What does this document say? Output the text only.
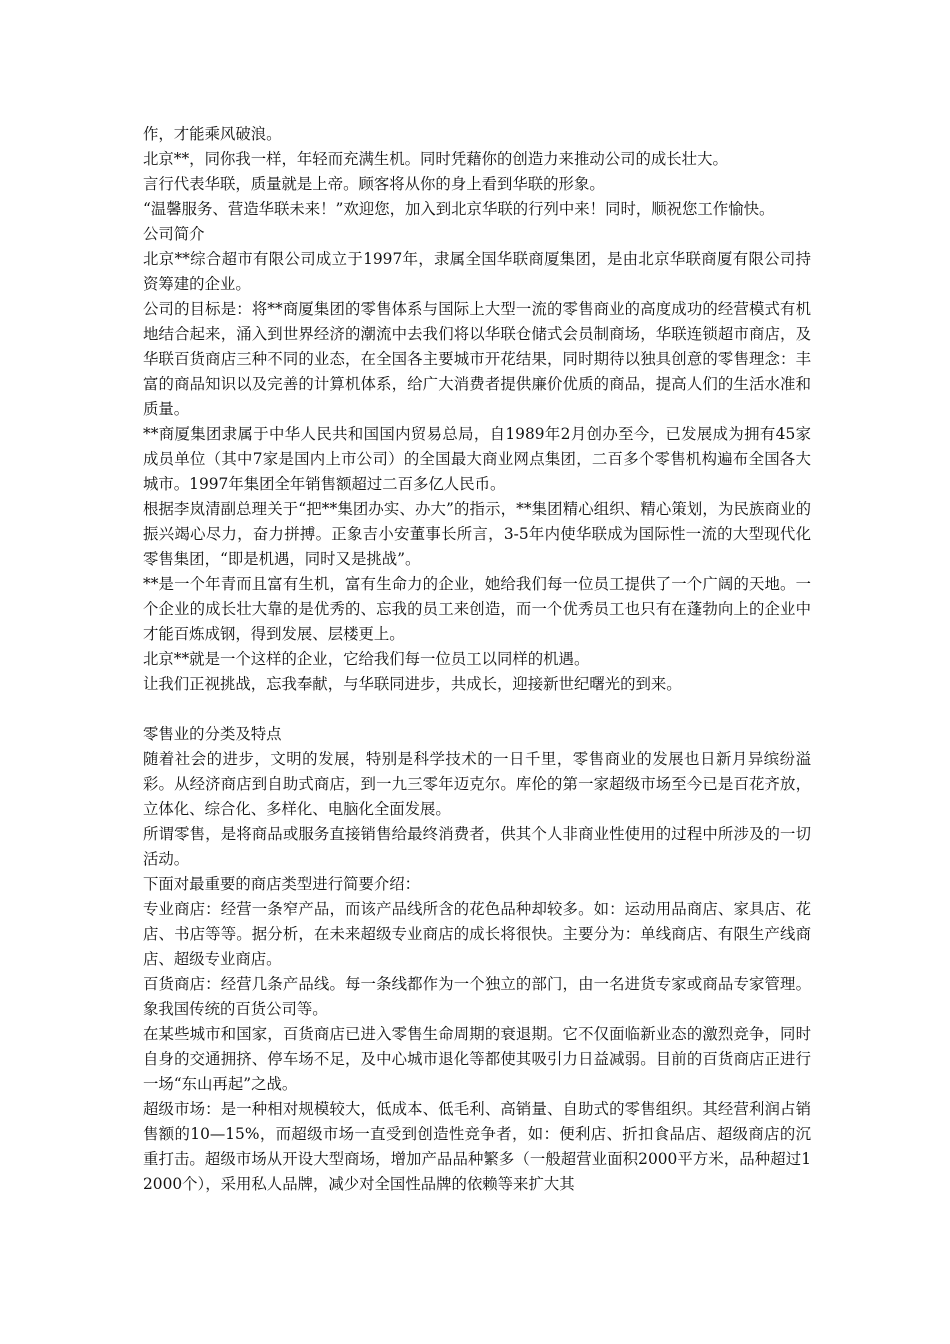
作，才能乘风破浪。

北京**，同你我一样，年轻而充满生机。同时凭藉你的创造力来推动公司的成长壮大。

言行代表华联，质量就是上帝。顾客将从你的身上看到华联的形象。

“温馨服务、营造华联未来！”欢迎您，加入到北京华联的行列中来！同时，顺祝您工作愉快。

公司简介

北京**综合超市有限公司成立于1997年，隶属全国华联商厦集团，是由北京华联商厦有限公司持资筹建的企业。

公司的目标是：将**商厦集团的零售体系与国际上大型一流的零售商业的高度成功的经营模式有机地结合起来，涌入到世界经济的潮流中去我们将以华联仓储式会员制商场，华联连锁超市商店，及华联百货商店三种不同的业态，在全国各主要城市开花结果，同时期待以独具创意的零售理念：丰富的商品知识以及完善的计算机体系，给广大消费者提供廉价优质的商品，提高人们的生活水准和质量。

**商厦集团隶属于中华人民共和国国内贸易总局，自1989年2月创办至今，已发展成为拥有45家成员单位（其中7家是国内上市公司）的全国最大商业网点集团，二百多个零售机构遍布全国各大城市。1997年集团全年销售额超过二百多亿人民币。

根据李岚清副总理关于“把**集团办实、办大”的指示，**集团精心组织、精心策划，为民族商业的振兴竭心尽力，奋力拼搏。正象吉小安董事长所言，3-5年内使华联成为国际性一流的大型现代化零售集团，“即是机遇，同时又是挑战”。

**是一个年青而且富有生机，富有生命力的企业，她给我们每一位员工提供了一个广阔的天地。一个企业的成长壮大靠的是优秀的、忘我的员工来创造，而一个优秀员工也只有在蓬勃向上的企业中才能百炼成钢，得到发展、层楼更上。

北京**就是一个这样的企业，它给我们每一位员工以同样的机遇。

让我们正视挑战，忘我奉献，与华联同进步，共成长，迎接新世纪曙光的到来。

零售业的分类及特点

随着社会的进步，文明的发展，特别是科学技术的一日千里，零售商业的发展也日新月异缤纷溢彩。从经济商店到自助式商店，到一九三零年迈克尔。库伦的第一家超级市场至今已是百花齐放，立体化、综合化、多样化、电脑化全面发展。

所谓零售，是将商品或服务直接销售给最终消费者，供其个人非商业性使用的过程中所涉及的一切活动。

下面对最重要的商店类型进行简要介绍：

专业商店：经营一条窄产品，而该产品线所含的花色品种却较多。如：运动用品商店、家具店、花店、书店等等。据分析，在未来超级专业商店的成长将很快。主要分为：单线商店、有限生产线商店、超级专业商店。

百货商店：经营几条产品线。每一条线都作为一个独立的部门，由一名进货专家或商品专家管理。象我国传统的百货公司等。

在某些城市和国家，百货商店已进入零售生命周期的衰退期。它不仅面临新业态的激烈竞争，同时自身的交通拥挤、停车场不足，及中心城市退化等都使其吸引力日益减弱。目前的百货商店正进行一场“东山再起”之战。

超级市场：是一种相对规模较大，低成本、低毛利、高销量、自助式的零售组织。其经营利润占销售额的10—15%，而超级市场一直受到创造性竞争者，如：便利店、折扣食品店、超级商店的沉重打击。超级市场从开设大型商场，增加产品品种繁多（一般超营业面积2000平方米，品种超过12000个），采用私人品牌，减少对全国性品牌的依赖等来扩大其
